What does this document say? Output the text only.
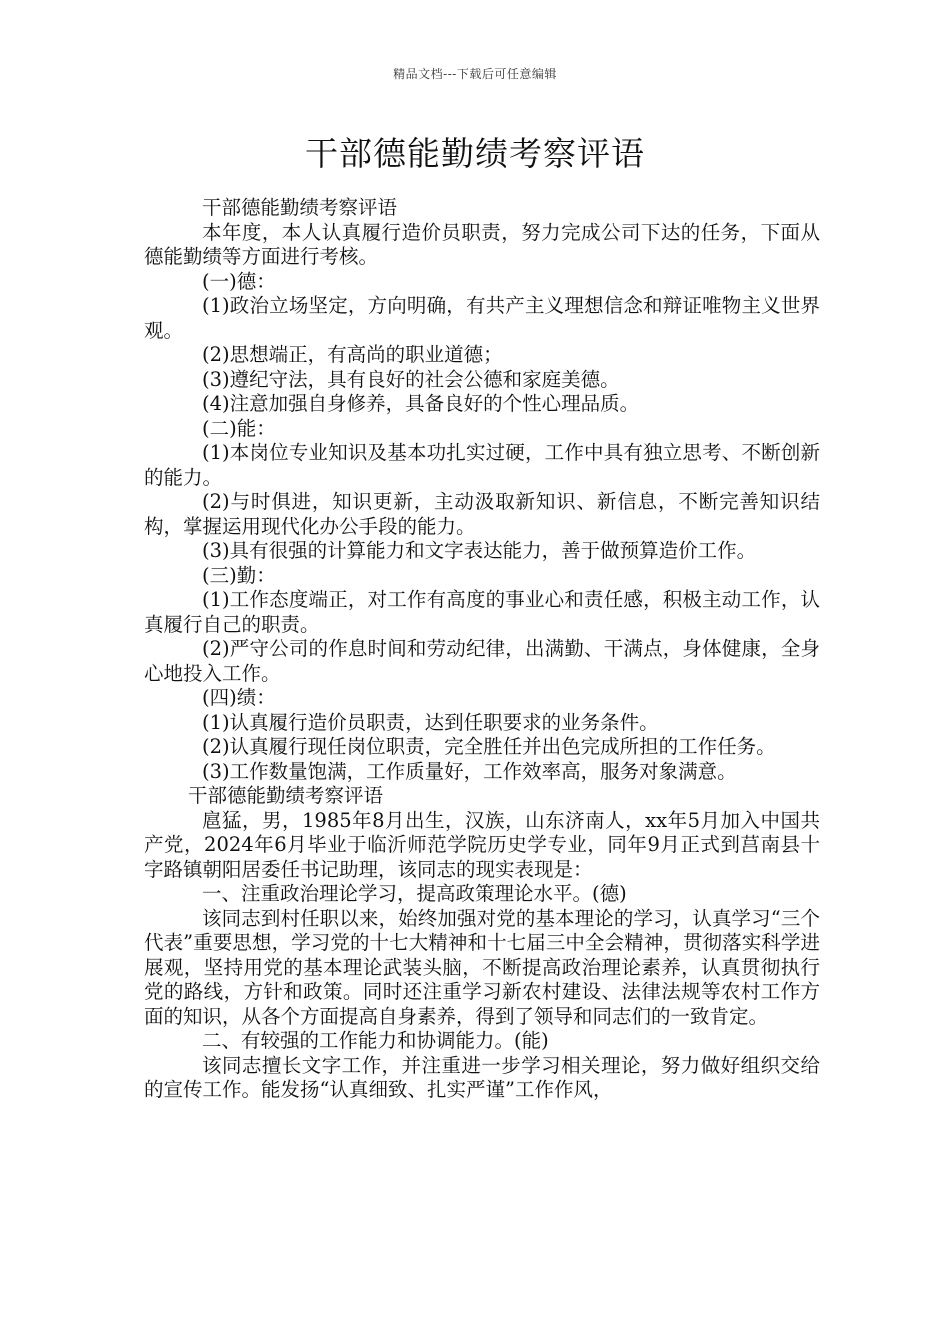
精品文档---下载后可任意编辑
干部德能勤绩考察评语

干部德能勤绩考察评语

本年度，本人认真履行造价员职责，努力完成公司下达的任务，下面从德能勤绩等方面进行考核。

(一)德：

(1)政治立场坚定，方向明确，有共产主义理想信念和辩证唯物主义世界观。

(2)思想端正，有高尚的职业道德；

(3)遵纪守法，具有良好的社会公德和家庭美德。

(4)注意加强自身修养，具备良好的个性心理品质。

(二)能：

(1)本岗位专业知识及基本功扎实过硬，工作中具有独立思考、不断创新的能力。

(2)与时俱进，知识更新，主动汲取新知识、新信息，不断完善知识结构，掌握运用现代化办公手段的能力。

(3)具有很强的计算能力和文字表达能力，善于做预算造价工作。

(三)勤：

(1)工作态度端正，对工作有高度的事业心和责任感，积极主动工作，认真履行自己的职责。

(2)严守公司的作息时间和劳动纪律，出满勤、干满点，身体健康，全身心地投入工作。

(四)绩：

(1)认真履行造价员职责，达到任职要求的业务条件。

(2)认真履行现任岗位职责，完全胜任并出色完成所担的工作任务。

(3)工作数量饱满，工作质量好，工作效率高，服务对象满意。

干部德能勤绩考察评语

扈猛，男，1985年8月出生，汉族，山东济南人，xx年5月加入中国共产党，2024年6月毕业于临沂师范学院历史学专业，同年9月正式到莒南县十字路镇朝阳居委任书记助理，该同志的现实表现是：

一、注重政治理论学习，提高政策理论水平。(德)

该同志到村任职以来，始终加强对党的基本理论的学习，认真学习“三个代表”重要思想，学习党的十七大精神和十七届三中全会精神，贯彻落实科学进展观，坚持用党的基本理论武装头脑，不断提高政治理论素养，认真贯彻执行党的路线，方针和政策。同时还注重学习新农村建设、法律法规等农村工作方面的知识，从各个方面提高自身素养，得到了领导和同志们的一致肯定。

二、有较强的工作能力和协调能力。(能)

该同志擅长文字工作，并注重进一步学习相关理论，努力做好组织交给的宣传工作。能发扬“认真细致、扎实严谨”工作作风，
